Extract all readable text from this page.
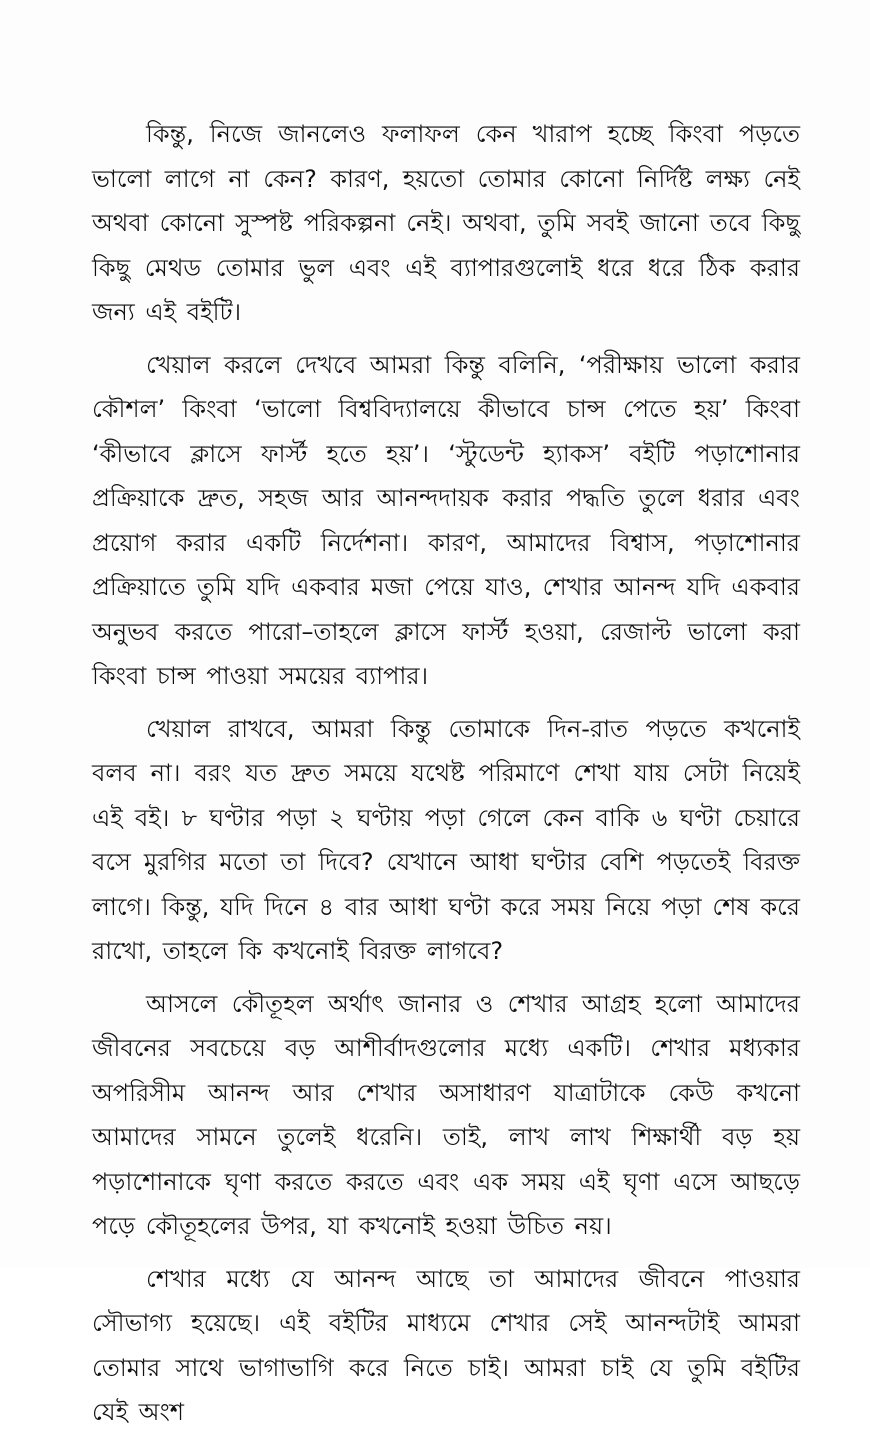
কিন্তু, নিজে জানলেও ফলাফল কেন খারাপ হচ্ছে কিংবা পড়তে ভালো লাগে না কেন? কারণ, হয়তো তোমার কোনো নির্দিষ্ট লক্ষ্য নেই অথবা কোনো সুস্পষ্ট পরিকল্পনা নেই। অথবা, তুমি সবই জানো তবে কিছু কিছু মেথড তোমার ভুল এবং এই ব্যাপারগুলোই ধরে ধরে ঠিক করার জন্য এই বইটি।

খেয়াল করলে দেখবে আমরা কিন্তু বলিনি, ‘পরীক্ষায় ভালো করার কৌশল’ কিংবা ‘ভালো বিশ্ববিদ্যালয়ে কীভাবে চান্স পেতে হয়’ কিংবা ‘কীভাবে ক্লাসে ফার্স্ট হতে হয়’। ‘স্টুডেন্ট হ্যাকস’ বইটি পড়াশোনার প্রক্রিয়াকে দ্রুত, সহজ আর আনন্দদায়ক করার পদ্ধতি তুলে ধরার এবং প্রয়োগ করার একটি নির্দেশনা। কারণ, আমাদের বিশ্বাস, পড়াশোনার প্রক্রিয়াতে তুমি যদি একবার মজা পেয়ে যাও, শেখার আনন্দ যদি একবার অনুভব করতে পারো–তাহলে ক্লাসে ফার্স্ট হওয়া, রেজাল্ট ভালো করা কিংবা চান্স পাওয়া সময়ের ব্যাপার।

খেয়াল রাখবে, আমরা কিন্তু তোমাকে দিন-রাত পড়তে কখনোই বলব না। বরং যত দ্রুত সময়ে যথেষ্ট পরিমাণে শেখা যায় সেটা নিয়েই এই বই। ৮ ঘণ্টার পড়া ২ ঘণ্টায় পড়া গেলে কেন বাকি ৬ ঘণ্টা চেয়ারে বসে মুরগির মতো তা দিবে? যেখানে আধা ঘণ্টার বেশি পড়তেই বিরক্ত লাগে। কিন্তু, যদি দিনে ৪ বার আধা ঘণ্টা করে সময় নিয়ে পড়া শেষ করে রাখো, তাহলে কি কখনোই বিরক্ত লাগবে?

আসলে কৌতূহল অর্থাৎ জানার ও শেখার আগ্রহ হলো আমাদের জীবনের সবচেয়ে বড় আশীর্বাদগুলোর মধ্যে একটি। শেখার মধ্যকার অপরিসীম আনন্দ আর শেখার অসাধারণ যাত্রাটাকে কেউ কখনো আমাদের সামনে তুলেই ধরেনি। তাই, লাখ লাখ শিক্ষার্থী বড় হয় পড়াশোনাকে ঘৃণা করতে করতে এবং এক সময় এই ঘৃণা এসে আছড়ে পড়ে কৌতূহলের উপর, যা কখনোই হওয়া উচিত নয়।

শেখার মধ্যে যে আনন্দ আছে তা আমাদের জীবনে পাওয়ার সৌভাগ্য হয়েছে। এই বইটির মাধ্যমে শেখার সেই আনন্দটাই আমরা তোমার সাথে ভাগাভাগি করে নিতে চাই। আমরা চাই যে তুমি বইটির যেই অংশ
